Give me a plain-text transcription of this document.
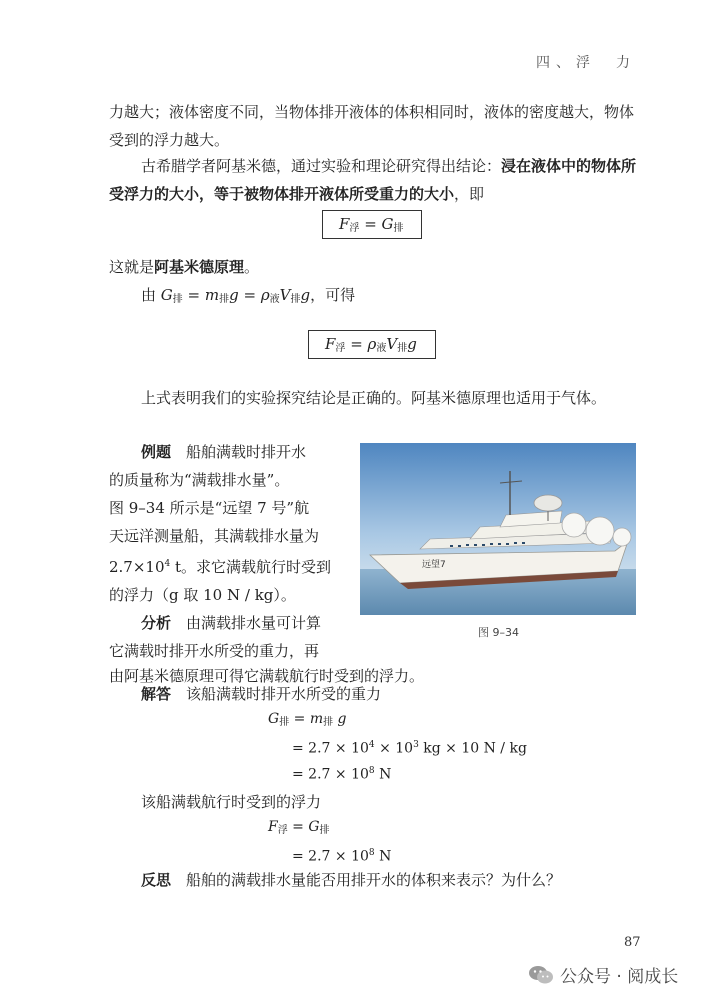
四、浮　力
力越大；液体密度不同，当物体排开液体的体积相同时，液体的密度越大，物体受到的浮力越大。
古希腊学者阿基米德，通过实验和理论研究得出结论：浸在液体中的物体所受浮力的大小，等于被物体排开液体所受重力的大小，即
$F_浮 = G_排$
这就是阿基米德原理。
由 $G_排 = m_排g = \rho_液V_排g$，可得
$F_浮 = \rho_液V_排g$
上式表明我们的实验探究结论是正确的。阿基米德原理也适用于气体。
例题　 船舶满载时排开水
的质量称为“满载排水量”。
图 9–34 所示是“远望 7 号”航
天远洋测量船，其满载排水量为
$2.7\times 10^4$ t。求它满载航行时受到
的浮力（g 取 10 N / kg）。
分析　 由满载排水量可计算
它满载时排开水所受的重力，再
由阿基米德原理可得它满载航行时受到的浮力。
远望7
图 9–34
解答　 该船满载时排开水所受的重力
$G_排 = m_排$ g
= $2.7 \times 10^4 \times 10^3$ kg × 10 N / kg
= $2.7 \times 10^8$ N
该船满载航行时受到的浮力
$F_浮 = G_排$
= $2.7 \times 10^8$ N
反思　 船舶的满载排水量能否用排开水的体积来表示？为什么？
87
公众号 · 阅成长
